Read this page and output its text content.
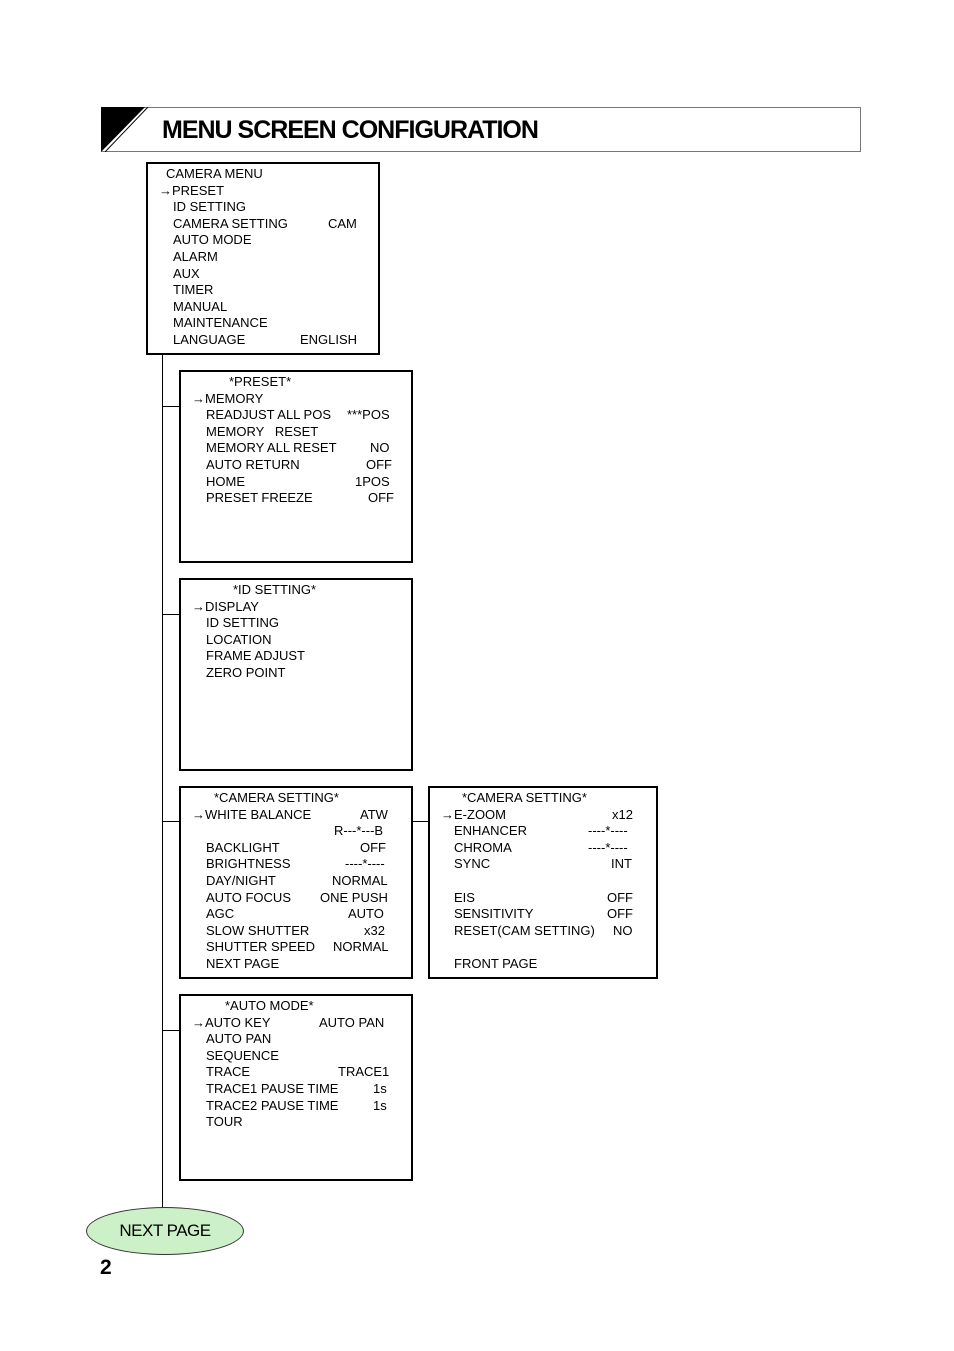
MENU SCREEN CONFIGURATION
CAMERA MENU
→PRESET
ID SETTING
CAMERA SETTING	CAM
AUTO MODE
ALARM
AUX
TIMER
MANUAL
MAINTENANCE
LANGUAGE	ENGLISH
*PRESET*
→MEMORY
READJUST ALL POS ***POS
MEMORY   RESET
MEMORY ALL RESET	NO
AUTO RETURN	OFF
HOME	1POS
PRESET FREEZE	OFF
*ID SETTING*
→DISPLAY
ID SETTING
LOCATION
FRAME ADJUST
ZERO POINT
*CAMERA SETTING*
→WHITE BALANCE	ATW
R---*---B
BACKLIGHT	OFF
BRIGHTNESS	----*----
DAY/NIGHT	NORMAL
AUTO FOCUS ONE PUSH
AGC	AUTO
SLOW SHUTTER	x32
SHUTTER SPEED NORMAL
NEXT PAGE
*CAMERA SETTING*
→E-ZOOM	x12
ENHANCER	----*----
CHROMA	----*----
SYNC	INT
EIS	OFF
SENSITIVITY	OFF
RESET(CAM SETTING) NO
FRONT PAGE
*AUTO MODE*
→AUTO KEY	AUTO PAN
AUTO PAN
SEQUENCE
TRACE	TRACE1
TRACE1 PAUSE TIME	1s
TRACE2 PAUSE TIME	1s
TOUR
NEXT PAGE
2
